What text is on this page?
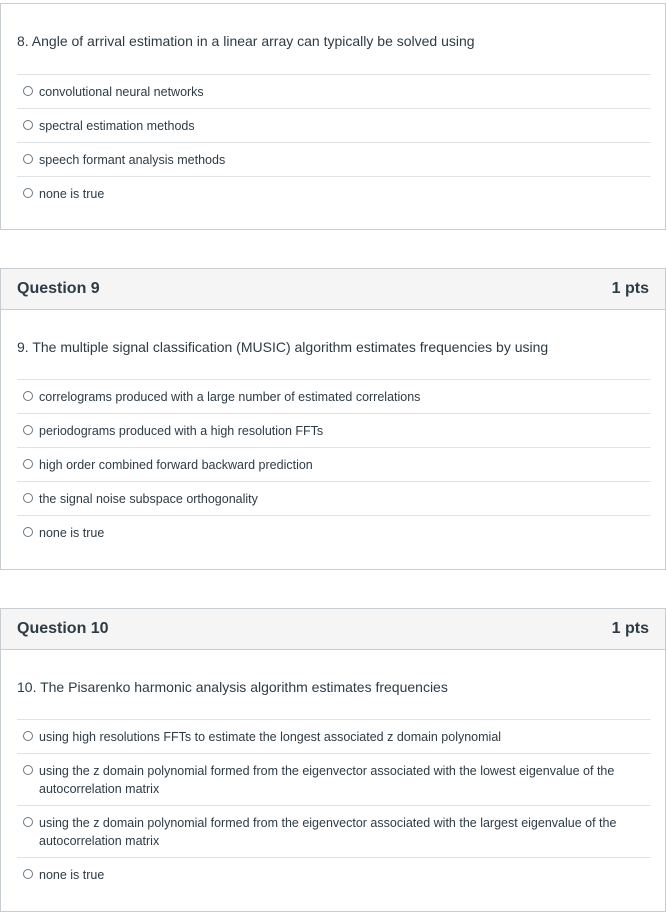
8. Angle of arrival estimation in a linear array can typically be solved using
convolutional neural networks
spectral estimation methods
speech formant analysis methods
none is true
Question 9	1 pts
9. The multiple signal classification (MUSIC) algorithm estimates frequencies by using
correlograms produced with a large number of estimated correlations
periodograms produced with a high resolution FFTs
high order combined forward backward prediction
the signal noise subspace orthogonality
none is true
Question 10	1 pts
10. The Pisarenko harmonic analysis algorithm estimates frequencies
using high resolutions FFTs to estimate the longest associated z domain polynomial
using the z domain polynomial formed from the eigenvector associated with the lowest eigenvalue of the autocorrelation matrix
using the z domain polynomial formed from the eigenvector associated with the largest eigenvalue of the autocorrelation matrix
none is true
